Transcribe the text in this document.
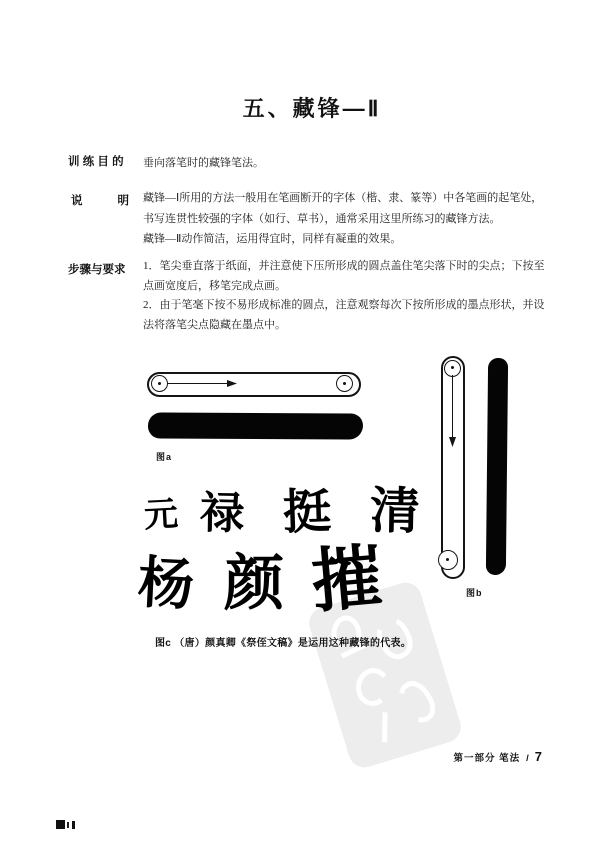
五、藏锋—Ⅱ
训 练 目 的 垂向落笔时的藏锋笔法。
说	明 藏锋—Ⅰ所用的方法一般用在笔画断开的字体（楷、隶、篆等）中各笔画的起笔处，
书写连贯性较强的字体（如行、草书），通常采用这里所练习的藏锋方法。
藏锋—Ⅱ动作简洁，运用得宜时，同样有凝重的效果。
步骤与要求 1．笔尖垂直落于纸面，并注意使下压所形成的圆点盖住笔尖落下时的尖点；下按至
点画宽度后，移笔完成点画。
2．由于笔毫下按不易形成标准的圆点，注意观察每次下按所形成的墨点形状，并设
法将落笔尖点隐藏在墨点中。
图a
图b
元 禄 挺 清
杨 颜 摧
图c （唐）颜真卿《祭侄文稿》是运用这种藏锋的代表。
第一部分 笔法 / 7
